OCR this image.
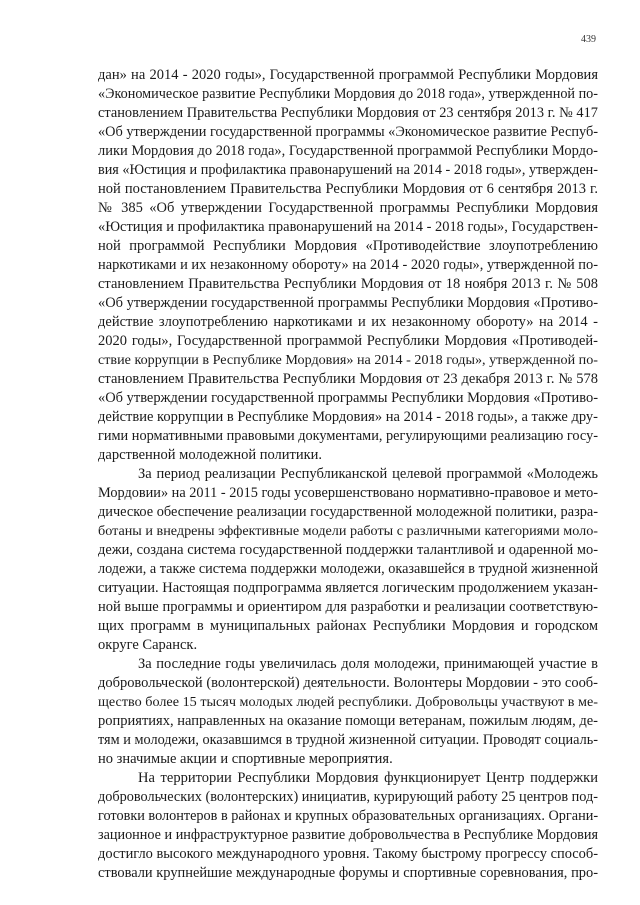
439
дан» на 2014 - 2020 годы», Государственной программой Республики Мордовия
«Экономическое развитие Республики Мордовия до 2018 года», утвержденной по-
становлением Правительства Республики Мордовия от 23 сентября 2013 г. № 417
«Об утверждении государственной программы «Экономическое развитие Респуб-
лики Мордовия до 2018 года», Государственной программой Республики Мордо-
вия «Юстиция и профилактика правонарушений на 2014 - 2018 годы», утвержден-
ной постановлением Правительства Республики Мордовия от 6 сентября 2013 г.
№ 385 «Об утверждении Государственной программы Республики Мордовия
«Юстиция и профилактика правонарушений на 2014 - 2018 годы», Государствен-
ной программой Республики Мордовия «Противодействие злоупотреблению
наркотиками и их незаконному обороту» на 2014 - 2020 годы», утвержденной по-
становлением Правительства Республики Мордовия от 18 ноября 2013 г. № 508
«Об утверждении государственной программы Республики Мордовия «Противо-
действие злоупотреблению наркотиками и их незаконному обороту» на 2014 -
2020 годы», Государственной программой Республики Мордовия «Противодей-
ствие коррупции в Республике Мордовия» на 2014 - 2018 годы», утвержденной по-
становлением Правительства Республики Мордовия от 23 декабря 2013 г. № 578
«Об утверждении государственной программы Республики Мордовия «Противо-
действие коррупции в Республике Мордовия» на 2014 - 2018 годы», а также дру-
гими нормативными правовыми документами, регулирующими реализацию госу-
дарственной молодежной политики.
За период реализации Республиканской целевой программой «Молодежь
Мордовии» на 2011 - 2015 годы усовершенствовано нормативно-правовое и мето-
дическое обеспечение реализации государственной молодежной политики, разра-
ботаны и внедрены эффективные модели работы с различными категориями моло-
дежи, создана система государственной поддержки талантливой и одаренной мо-
лодежи, а также система поддержки молодежи, оказавшейся в трудной жизненной
ситуации. Настоящая подпрограмма является логическим продолжением указан-
ной выше программы и ориентиром для разработки и реализации соответствую-
щих программ в муниципальных районах Республики Мордовия и городском
округе Саранск.
За последние годы увеличилась доля молодежи, принимающей участие в
добровольческой (волонтерской) деятельности. Волонтеры Мордовии - это сооб-
щество более 15 тысяч молодых людей республики. Добровольцы участвуют в ме-
роприятиях, направленных на оказание помощи ветеранам, пожилым людям, де-
тям и молодежи, оказавшимся в трудной жизненной ситуации. Проводят социаль-
но значимые акции и спортивные мероприятия.
На территории Республики Мордовия функционирует Центр поддержки
добровольческих (волонтерских) инициатив, курирующий работу 25 центров под-
готовки волонтеров в районах и крупных образовательных организациях. Органи-
зационное и инфраструктурное развитие добровольчества в Республике Мордовия
достигло высокого международного уровня. Такому быстрому прогрессу способ-
ствовали крупнейшие международные форумы и спортивные соревнования, про-
